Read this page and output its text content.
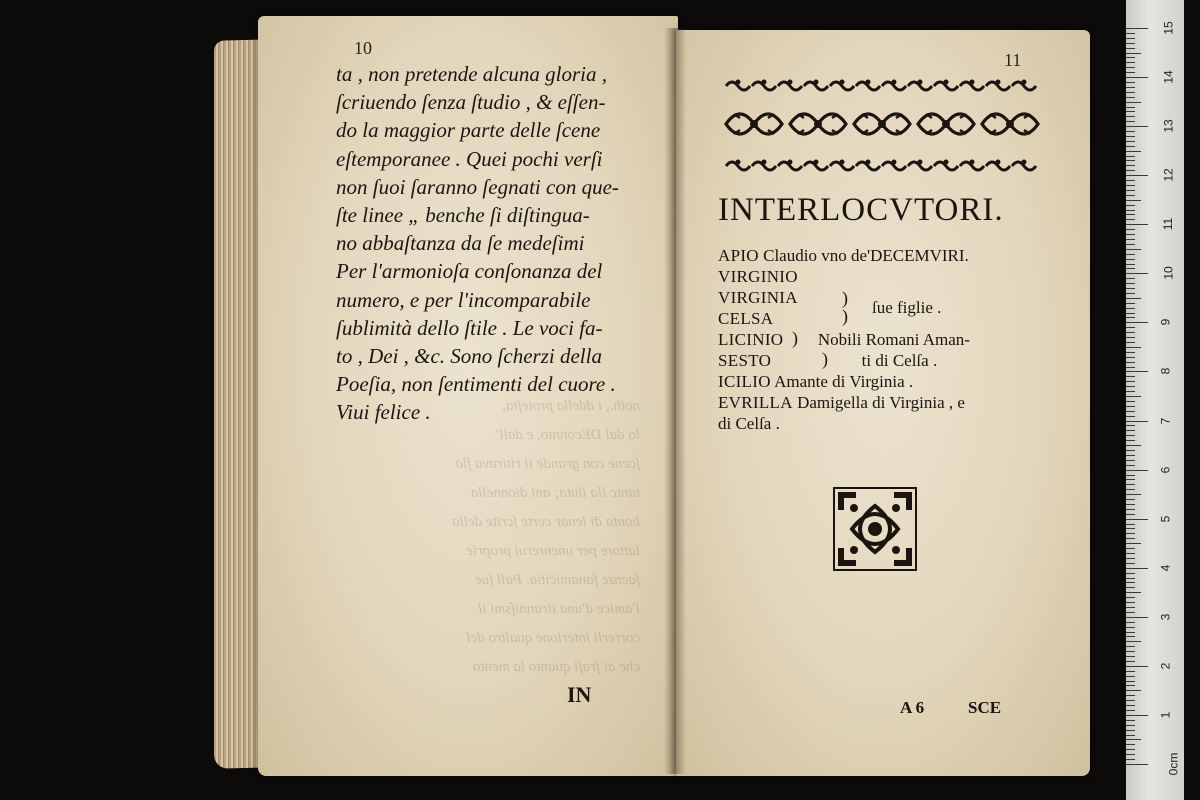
noth., i ddella proteſta,
lo dal DEconnto, e dall'
ſcene con grande il ritirava fla
tantc lla liuta; ani dionnella
bonta di lenar certe ſcrite della
lattore per unenrerui proprie
faenze fanamicitia. Pall ſue
l'amice d'una tiranniſsmi il
correrli interione qualtro del
che ai fraſi quanto la mento
10
ta , non pretende alcuna gloria ,
ſcriuendo ſenza ſtudio , & eſſen-
do la maggior parte delle ſcene
eſtemporanee . Quei pochi verſi
non ſuoi ſaranno ſegnati con que-
ſte linee „ benche ſi diſtingua-
no abbaſtanza da ſe medeſimi
Per l'armonioſa conſonanza del
numero, e per l'incomparabile
ſublimità dello ſtile . Le voci fa-
to , Dei , &c. Sono ſcherzi della
Poeſia, non ſentimenti del cuore .
Viui felice .
IN
11
INTERLOCVTORI.
APIO Claudio vno de'DECEMVIRI.
VIRGINIO
VIRGINIA
CELSA
LICINIO Nobili Romani Aman-
SESTO	ti di Celſa .
ICILIO Amante di Virginia .
EVRILLA Damigella di Virginia , e
di Celſa .
)
)
)
)
ſue figlie .
A 6	SCE
15
14
13
12
11
10
9
8
7
6
5
4
3
2
1
0cm
